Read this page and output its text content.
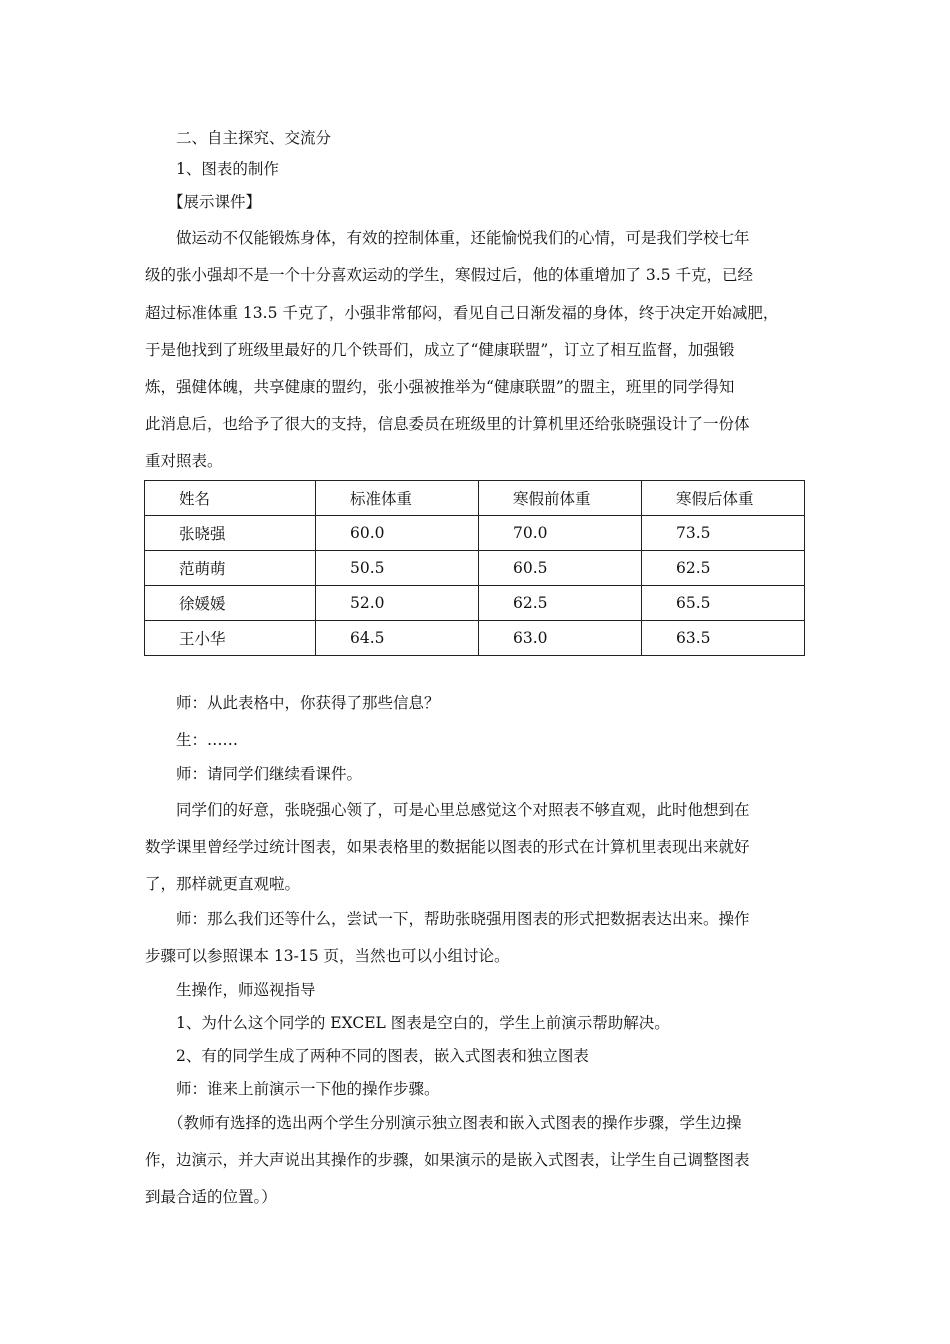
二、自主探究、交流分
1、图表的制作
【展示课件】
做运动不仅能锻炼身体，有效的控制体重，还能愉悦我们的心情，可是我们学校七年
级的张小强却不是一个十分喜欢运动的学生，寒假过后，他的体重增加了 3.5 千克，已经
超过标准体重 13.5 千克了，小强非常郁闷，看见自己日渐发福的身体，终于决定开始减肥，
于是他找到了班级里最好的几个铁哥们，成立了“健康联盟”，订立了相互监督，加强锻
炼，强健体魄，共享健康的盟约，张小强被推举为“健康联盟”的盟主，班里的同学得知
此消息后，也给予了很大的支持，信息委员在班级里的计算机里还给张晓强设计了一份体
重对照表。
姓名	标准体重	寒假前体重	寒假后体重
张晓强	60.0	70.0	73.5
范萌萌	50.5	60.5	62.5
徐媛媛	52.0	62.5	65.5
王小华	64.5	63.0	63.5
师：从此表格中，你获得了那些信息？
生：……
师：请同学们继续看课件。
同学们的好意，张晓强心领了，可是心里总感觉这个对照表不够直观，此时他想到在
数学课里曾经学过统计图表，如果表格里的数据能以图表的形式在计算机里表现出来就好
了，那样就更直观啦。
师：那么我们还等什么，尝试一下，帮助张晓强用图表的形式把数据表达出来。操作
步骤可以参照课本 13-15 页，当然也可以小组讨论。
生操作，师巡视指导
1、为什么这个同学的 EXCEL 图表是空白的，学生上前演示帮助解决。
2、有的同学生成了两种不同的图表，嵌入式图表和独立图表
师：谁来上前演示一下他的操作步骤。
（教师有选择的选出两个学生分别演示独立图表和嵌入式图表的操作步骤，学生边操
作，边演示，并大声说出其操作的步骤，如果演示的是嵌入式图表，让学生自己调整图表
到最合适的位置。）
